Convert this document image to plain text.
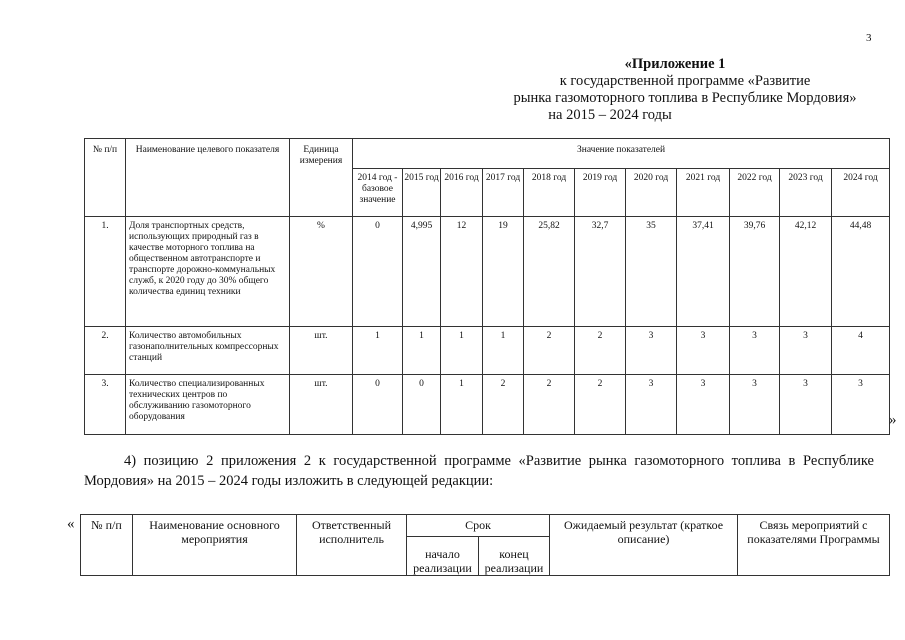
3
«Приложение 1
к государственной программе «Развитие
рынка газомоторного топлива в Республике Мордовия»
на 2015 – 2024 годы
№ п/п	Наименование целевого показателя	Единица измерения	Значение показателей										
			2014 год - базовое значение	2015 год	2016 год	2017 год	2018 год	2019 год	2020 год	2021 год	2022 год	2023 год	2024 год
1.	Доля транспортных средств, использующих природный газ в качестве моторного топлива на общественном автотранспорте и транспорте дорожно-коммунальных служб, к 2020 году до 30% общего количества единиц техники	%	0	4,995	12	19	25,82	32,7	35	37,41	39,76	42,12	44,48
2.	Количество автомобильных газонаполнительных компрессорных станций	шт.	1	1	1	1	2	2	3	3	3	3	4
3.	Количество специализированных технических центров по обслуживанию газомоторного оборудования	шт.	0	0	1	2	2	2	3	3	3	3	3
»
4) позицию 2 приложения 2 к государственной программе «Развитие рынка газомоторного топлива в Республике Мордовия» на 2015 – 2024 годы изложить в следующей редакции:
« № п/п	Наименование основного мероприятия	Ответственный исполнитель	Срок		Ожидаемый результат (краткое описание)	Связь мероприятий с показателями Программы
			начало реализации	конец реализации		
